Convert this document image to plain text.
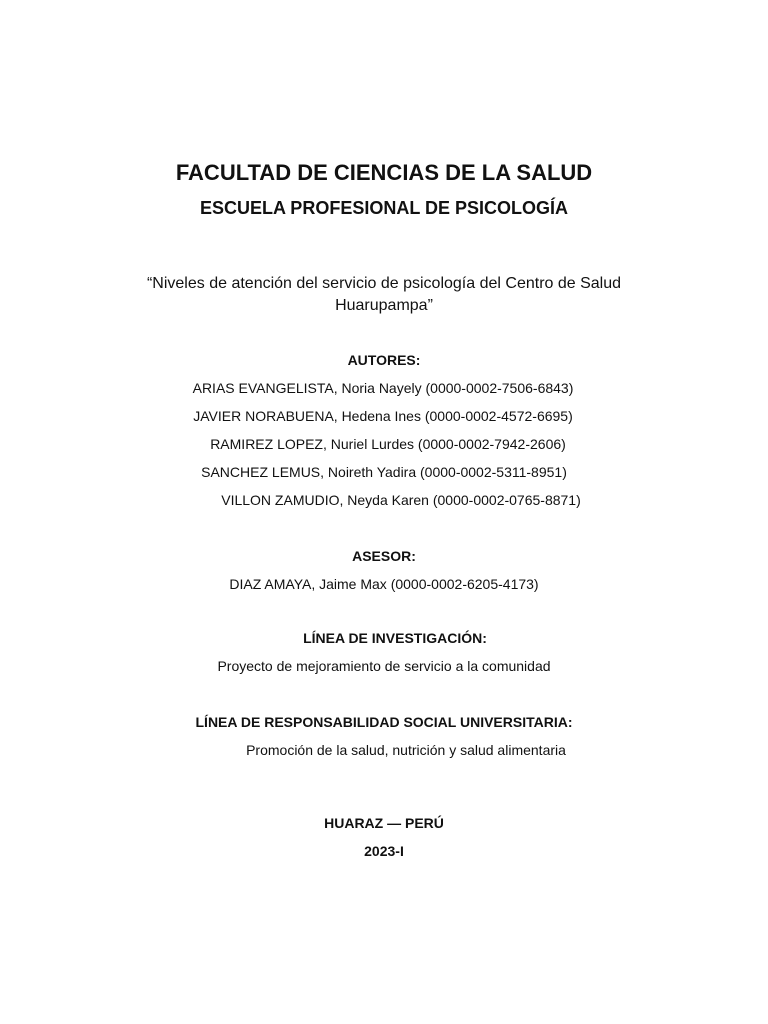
FACULTAD DE CIENCIAS DE LA SALUD
ESCUELA PROFESIONAL DE PSICOLOGÍA
“Niveles de atención del servicio de psicología del Centro de Salud
Huarupampa”
AUTORES:
ARIAS EVANGELISTA, Noria Nayely (0000-0002-7506-6843)
JAVIER NORABUENA, Hedena Ines (0000-0002-4572-6695)
RAMIREZ LOPEZ, Nuriel Lurdes (0000-0002-7942-2606)
SANCHEZ LEMUS, Noireth Yadira (0000-0002-5311-8951)
VILLON ZAMUDIO, Neyda Karen (0000-0002-0765-8871)
ASESOR:
DIAZ AMAYA, Jaime Max (0000-0002-6205-4173)
LÍNEA DE INVESTIGACIÓN:
Proyecto de mejoramiento de servicio a la comunidad
LÍNEA DE RESPONSABILIDAD SOCIAL UNIVERSITARIA:
Promoción de la salud, nutrición y salud alimentaria
HUARAZ — PERÚ
2023-I
